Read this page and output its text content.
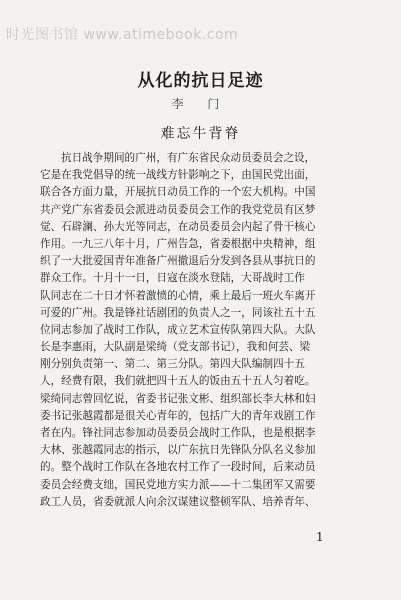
时光图书馆 www.atimebook.com
从化的抗日足迹
李 门
难忘牛背脊
抗日战争期间的广州，有广东省民众动员委员会之设，
它是在我党倡导的统一战线方针影响之下，由国民党出面，
联合各方面力量，开展抗日动员工作的一个宏大机构。中国
共产党广东省委员会派进动员委员会工作的我党党员有区梦
觉、石辟澜、孙大光等同志，在动员委员会内起了骨干核心
作用。一九三八年十月，广州告急，省委根据中央精神，组
织了一大批爱国青年准备广州撤退后分发到各县从事抗日的
群众工作。十月十一日，日寇在淡水登陆，大哥战时工作
队同志在二十日才怀着激愤的心情，乘上最后一班火车离开
可爱的广州。我是锋社话剧团的负责人之一，同该社五十五
位同志参加了战时工作队，成立艺术宣传队第四大队。大队
长是李惠雨，大队副是梁绮（党支部书记），我和何芸、梁
刚分别负责第一、第二、第三分队。第四大队编制四十五
人，经费有限，我们就把四十五人的饭由五十五人匀着吃。
梁绮同志曾回忆说，省委书记张文彬、组织部长李大林和妇
委书记张越霞都是很关心青年的，包括广大的青年戏剧工作
者在内。锋社同志参加动员委员会战时工作队，也是根据李
大林、张越霞同志的指示，以广东抗日先锋队分队名义参加
的。整个战时工作队在各地农村工作了一段时间，后来动员
委员会经费支绌，国民党地方实力派——十二集团军又需要
政工人员，省委就派人向余汉谋建议整顿军队、培养青年、
1
